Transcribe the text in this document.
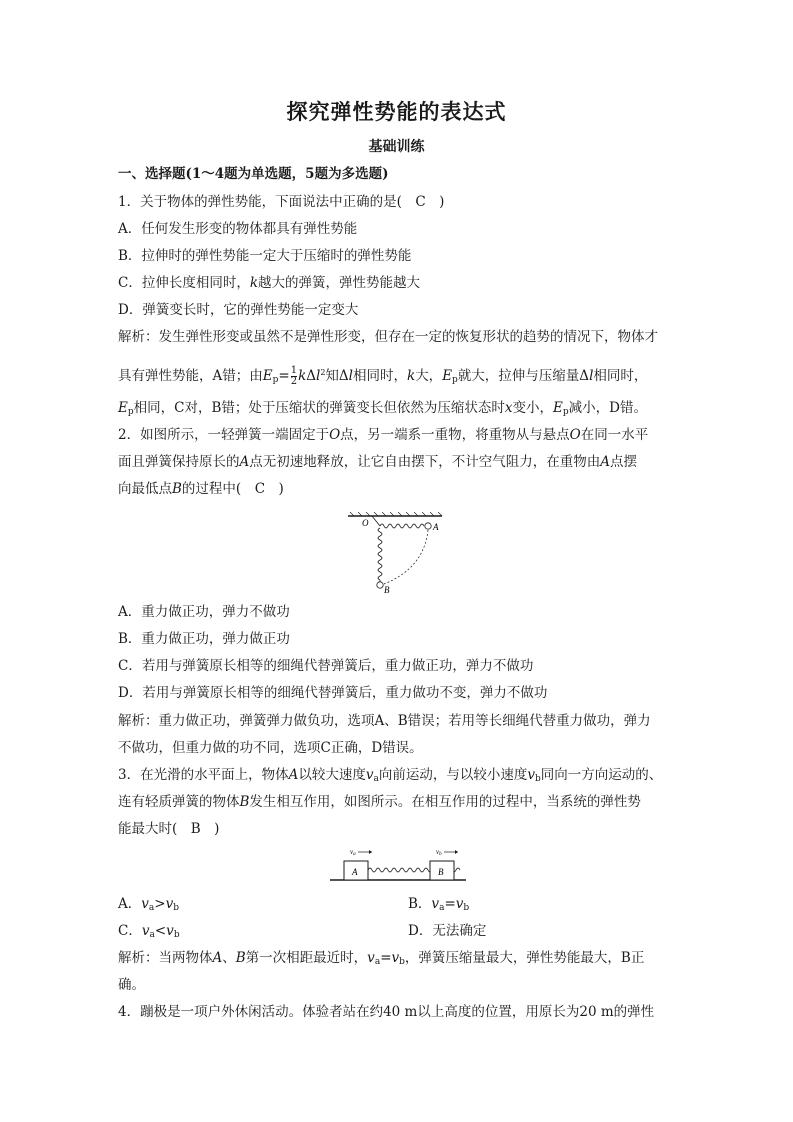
探究弹性势能的表达式
基础训练
一、选择题(1～4题为单选题，5题为多选题)
1．关于物体的弹性势能，下面说法中正确的是(　C　)
A．任何发生形变的物体都具有弹性势能
B．拉伸时的弹性势能一定大于压缩时的弹性势能
C．拉伸长度相同时，k越大的弹簧，弹性势能越大
D．弹簧变长时，它的弹性势能一定变大
解析：发生弹性形变或虽然不是弹性形变，但存在一定的恢复形状的趋势的情况下，物体才
具有弹性势能，A错；由$E_p= \frac{1}{2} k\Delta l^2$知Δl相同时，k大，$E_p$就大，拉伸与压缩量Δl相同时，
$E_p$相同，C对，B错；处于压缩状的弹簧变长但依然为压缩状态时x变小，$E_p$减小，D错。
2．如图所示，一轻弹簧一端固定于O点，另一端系一重物，将重物从与悬点O在同一水平
面且弹簧保持原长的A点无初速地释放，让它自由摆下，不计空气阻力，在重物由A点摆
向最低点B的过程中(　C　)
O	A
B
A．重力做正功，弹力不做功
B．重力做正功，弹力做正功
C．若用与弹簧原长相等的细绳代替弹簧后，重力做正功，弹力不做功
D．若用与弹簧原长相等的细绳代替弹簧后，重力做功不变，弹力不做功
解析：重力做正功，弹簧弹力做负功，选项A、B错误；若用等长细绳代替重力做功，弹力
不做功，但重力做的功不同，选项C正确，D错误。
3．在光滑的水平面上，物体A以较大速度$v_a$向前运动，与以较小速度$v_b$同向一方向运动的、
连有轻质弹簧的物体B发生相互作用，如图所示。在相互作用的过程中，当系统的弹性势
能最大时(　B　)
A	B
va	vb
A．$v_a>v_b$	B．$v_a=v_b$
C．$v_a<v_b$	D．无法确定
解析：当两物体A、B第一次相距最近时，$v_a=v_b$，弹簧压缩量最大，弹性势能最大，B正
确。
4．蹦极是一项户外休闲活动。体验者站在约40 m以上高度的位置，用原长为20 m的弹性
